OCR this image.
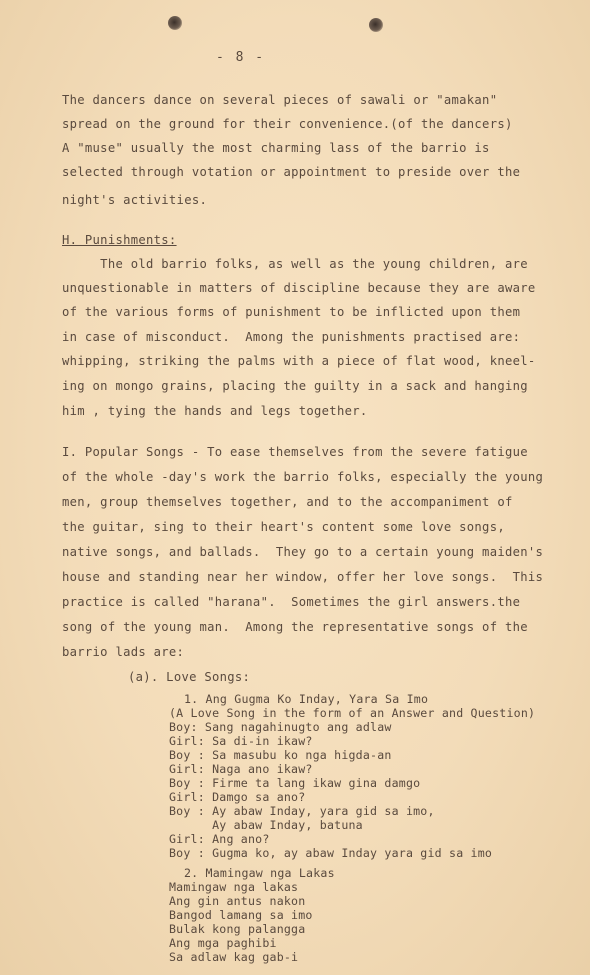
- 8 -
The dancers dance on several pieces of sawali or "amakan"
spread on the ground for their convenience.(of the dancers)
A "muse" usually the most charming lass of the barrio is
selected through votation or appointment to preside over the
night's activities.
H. Punishments:
The old barrio folks, as well as the young children, are
unquestionable in matters of discipline because they are aware
of the various forms of punishment to be inflicted upon them
in case of misconduct.  Among the punishments practised are:
whipping, striking the palms with a piece of flat wood, kneel-
ing on mongo grains, placing the guilty in a sack and hanging
him , tying the hands and legs together.
I. Popular Songs - To ease themselves from the severe fatigue
of the whole -day's work the barrio folks, especially the young
men, group themselves together, and to the accompaniment of
the guitar, sing to their heart's content some love songs,
native songs, and ballads.  They go to a certain young maiden's
house and standing near her window, offer her love songs.  This
practice is called "harana".  Sometimes the girl answers.the
song of the young man.  Among the representative songs of the
barrio lads are:
(a). Love Songs:
1. Ang Gugma Ko Inday, Yara Sa Imo
(A Love Song in the form of an Answer and Question)
Boy: Sang nagahinugto ang adlaw
Girl: Sa di-in ikaw?
Boy : Sa masubu ko nga higda-an
Girl: Naga ano ikaw?
Boy : Firme ta lang ikaw gina damgo
Girl: Damgo sa ano?
Boy : Ay abaw Inday, yara gid sa imo,
Ay abaw Inday, batuna
Girl: Ang ano?
Boy : Gugma ko, ay abaw Inday yara gid sa imo
2. Mamingaw nga Lakas
Mamingaw nga lakas
Ang gin antus nakon
Bangod lamang sa imo
Bulak kong palangga
Ang mga paghibi
Sa adlaw kag gab-i
